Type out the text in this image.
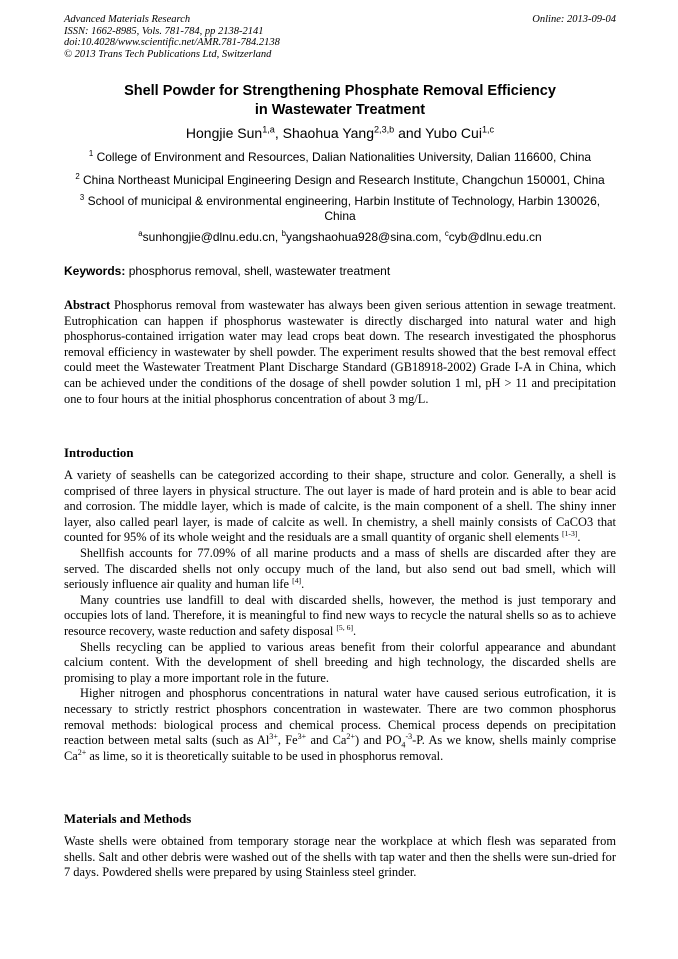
Advanced Materials Research
ISSN: 1662-8985, Vols. 781-784, pp 2138-2141
doi:10.4028/www.scientific.net/AMR.781-784.2138
© 2013 Trans Tech Publications Ltd, Switzerland
Online: 2013-09-04
Shell Powder for Strengthening Phosphate Removal Efficiency
in Wastewater Treatment
Hongjie Sun$^{1,a}$, Shaohua Yang$^{2,3,b}$ and Yubo Cui$^{1,c}$
$^1$ College of Environment and Resources, Dalian Nationalities University, Dalian 116600, China
$^2$ China Northeast Municipal Engineering Design and Research Institute, Changchun 150001, China
$^3$ School of municipal & environmental engineering, Harbin Institute of Technology, Harbin 130026, China
$^a$sunhongjie@dlnu.edu.cn, $^b$yangshaohua928@sina.com, $^c$cyb@dlnu.edu.cn
Keywords: phosphorus removal, shell, wastewater treatment
Abstract Phosphorus removal from wastewater has always been given serious attention in sewage treatment. Eutrophication can happen if phosphorus wastewater is directly discharged into natural water and high phosphorus-contained irrigation water may lead crops beat down. The research investigated the phosphorus removal efficiency in wastewater by shell powder. The experiment results showed that the best removal effect could meet the Wastewater Treatment Plant Discharge Standard (GB18918-2002) Grade I-A in China, which can be achieved under the conditions of the dosage of shell powder solution 1 ml, pH > 11 and precipitation one to four hours at the initial phosphorus concentration of about 3 mg/L.
Introduction

A variety of seashells can be categorized according to their shape, structure and color. Generally, a shell is comprised of three layers in physical structure. The out layer is made of hard protein and is able to bear acid and corrosion. The middle layer, which is made of calcite, is the main component of a shell. The shiny inner layer, also called pearl layer, is made of calcite as well. In chemistry, a shell mainly consists of CaCO3 that counted for 95% of its whole weight and the residuals are a small quantity of organic shell elements [1-3].

Shellfish accounts for 77.09% of all marine products and a mass of shells are discarded after they are served. The discarded shells not only occupy much of the land, but also send out bad smell, which will seriously influence air quality and human life [4].

Many countries use landfill to deal with discarded shells, however, the method is just temporary and occupies lots of land. Therefore, it is meaningful to find new ways to recycle the natural shells so as to achieve resource recovery, waste reduction and safety disposal [5, 6].

Shells recycling can be applied to various areas benefit from their colorful appearance and abundant calcium content. With the development of shell breeding and high technology, the discarded shells are promising to play a more important role in the future.

Higher nitrogen and phosphorus concentrations in natural water have caused serious eutrofication, it is necessary to strictly restrict phosphors concentration in wastewater. There are two common phosphorus removal methods: biological process and chemical process. Chemical process depends on precipitation reaction between metal salts (such as $Al^{3+}$, $Fe^{3+}$ and $Ca^{2+}$) and $PO_4^{-3}-P$. As we know, shells mainly comprise $Ca^{2+}$ as lime, so it is theoretically suitable to be used in phosphorus removal.

Materials and Methods

Waste shells were obtained from temporary storage near the workplace at which flesh was separated from shells. Salt and other debris were washed out of the shells with tap water and then the shells were sun-dried for 7 days. Powdered shells were prepared by using Stainless steel grinder.
